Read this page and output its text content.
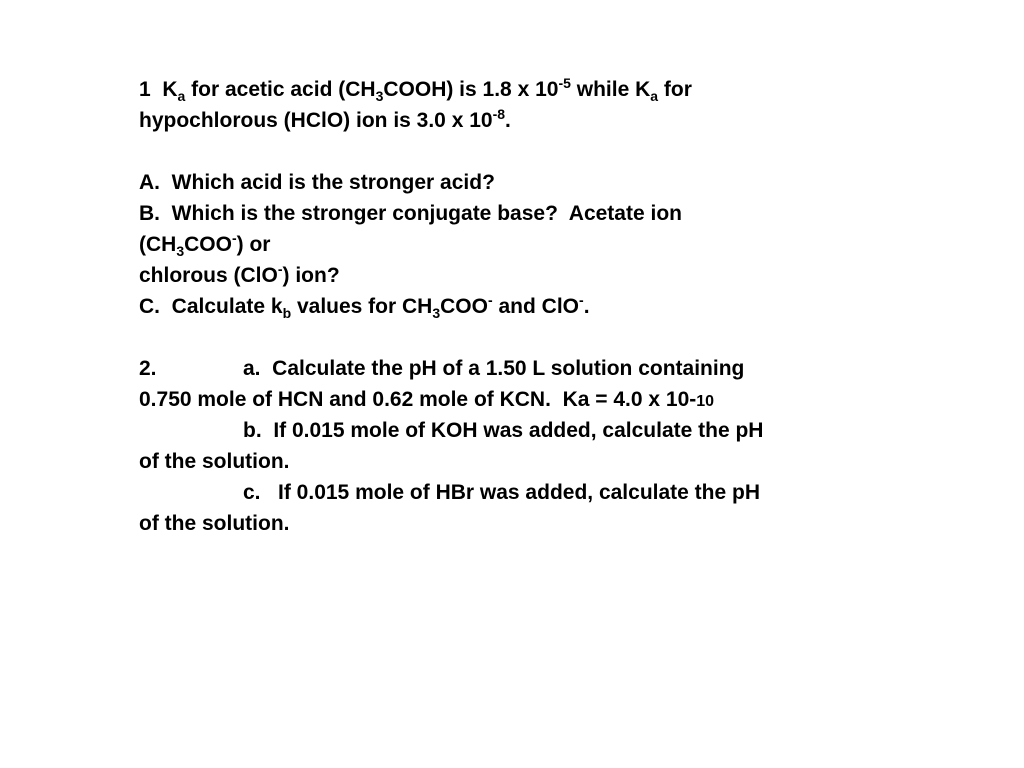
1 $K_a$ for acetic acid $(CH_3COOH)$ is 1.8 x $10^{-5}$ while $K_a$ for
hypochlorous (HClO) ion is 3.0 x $10^{-8}$.
A.  Which acid is the stronger acid?
B.  Which is the stronger conjugate base?  Acetate ion
$(CH_3COO^-)$ or
chlorous (ClO-) ion?
C.  Calculate $k_b$ values for $CH_3COO^-$ and ClO-.
2.	a.  Calculate the pH of a 1.50 L solution containing
0.750 mole of HCN and 0.62 mole of KCN.  Ka = 4.0 x 10-10
b.  If 0.015 mole of KOH was added, calculate the pH
of the solution.
c.   If 0.015 mole of HBr was added, calculate the pH
of the solution.
